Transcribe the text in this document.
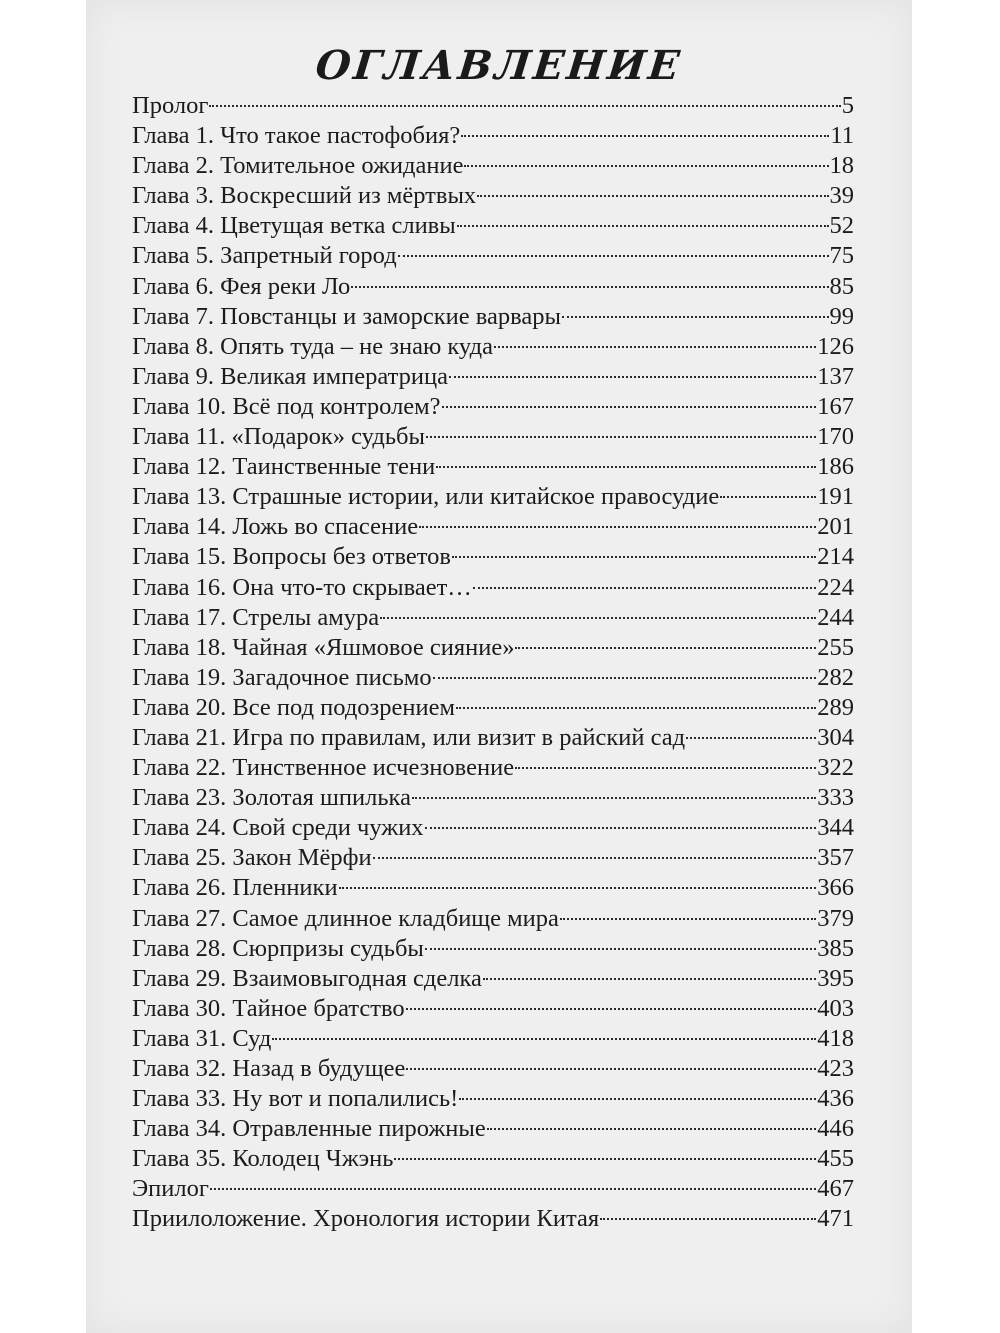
ОГЛАВЛЕНИЕ
Пролог	5
Глава 1. Что такое пастофобия?	11
Глава 2. Томительное ожидание	18
Глава 3. Воскресший из мёртвых	39
Глава 4. Цветущая ветка сливы	52
Глава 5. Запретный город	75
Глава 6. Фея реки Ло	85
Глава 7. Повстанцы и заморские варвары	99
Глава 8. Опять туда – не знаю куда	126
Глава 9. Великая императрица	137
Глава 10. Всё под контролем?	167
Глава 11. «Подарок» судьбы	170
Глава 12. Таинственные тени	186
Глава 13. Страшные истории, или китайское правосудие	191
Глава 14. Ложь во спасение	201
Глава 15. Вопросы без ответов	214
Глава 16. Она что-то скрывает…	224
Глава 17. Стрелы амура	244
Глава 18. Чайная «Яшмовое сияние»	255
Глава 19. Загадочное письмо	282
Глава 20. Все под подозрением	289
Глава 21. Игра по правилам, или визит в райский сад	304
Глава 22. Тинственное исчезновение	322
Глава 23. Золотая шпилька	333
Глава 24. Свой среди чужих	344
Глава 25. Закон Мёрфи	357
Глава 26. Пленники	366
Глава 27. Самое длинное кладбище мира	379
Глава 28. Сюрпризы судьбы	385
Глава 29. Взаимовыгодная сделка	395
Глава 30. Тайное братство	403
Глава 31. Суд	418
Глава 32. Назад в будущее	423
Глава 33. Ну вот и попалились!	436
Глава 34. Отравленные пирожные	446
Глава 35. Колодец Чжэнь	455
Эпилог	467
Приилоложение. Хронология истории Китая	471
